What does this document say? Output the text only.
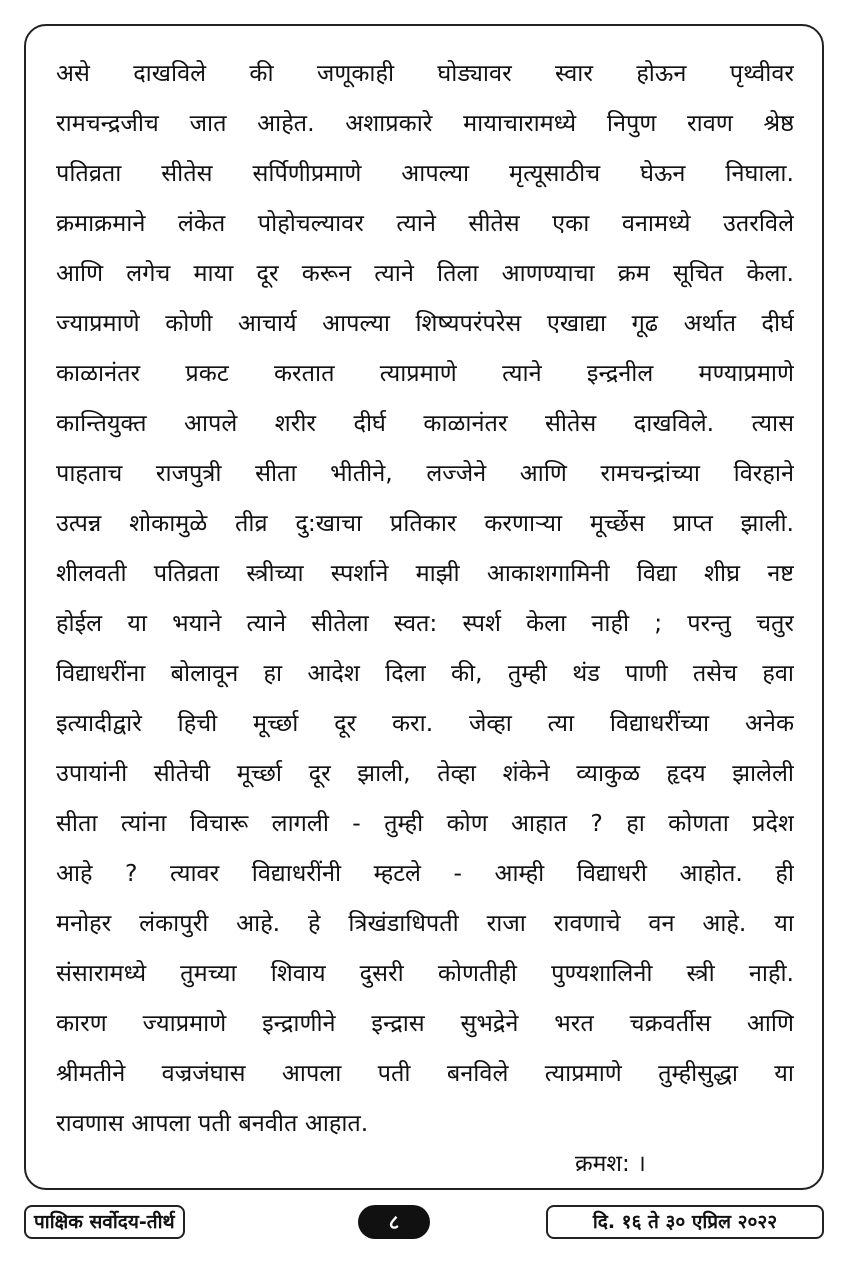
असे दाखविले की जणूकाही घोड्यावर स्वार होऊन पृथ्वीवर
रामचन्द्रजीच जात आहेत. अशाप्रकारे मायाचारामध्ये निपुण रावण श्रेष्ठ
पतिव्रता सीतेस सर्पिणीप्रमाणे आपल्या मृत्यूसाठीच घेऊन निघाला.
क्रमाक्रमाने लंकेत पोहोचल्यावर त्याने सीतेस एका वनामध्ये उतरविले
आणि लगेच माया दूर करून त्याने तिला आणण्याचा क्रम सूचित केला.
ज्याप्रमाणे कोणी आचार्य आपल्या शिष्यपरंपरेस एखाद्या गूढ अर्थात दीर्घ
काळानंतर प्रकट करतात त्याप्रमाणे त्याने इन्द्रनील मण्याप्रमाणे
कान्तियुक्त आपले शरीर दीर्घ काळानंतर सीतेस दाखविले. त्यास
पाहताच राजपुत्री सीता भीतीने, लज्जेने आणि रामचन्द्रांच्या विरहाने
उत्पन्न शोकामुळे तीव्र दु:खाचा प्रतिकार करणाऱ्या मूर्च्छेस प्राप्त झाली.
शीलवती पतिव्रता स्त्रीच्या स्पर्शाने माझी आकाशगामिनी विद्या शीघ्र नष्ट
होईल या भयाने त्याने सीतेला स्वत: स्पर्श केला नाही ; परन्तु चतुर
विद्याधरींना बोलावून हा आदेश दिला की, तुम्ही थंड पाणी तसेच हवा
इत्यादीद्वारे हिची मूर्च्छा दूर करा. जेव्हा त्या विद्याधरींच्या अनेक
उपायांनी सीतेची मूर्च्छा दूर झाली, तेव्हा शंकेने व्याकुळ हृदय झालेली
सीता त्यांना विचारू लागली - तुम्ही कोण आहात ? हा कोणता प्रदेश
आहे ? त्यावर विद्याधरींनी म्हटले - आम्ही विद्याधरी आहोत. ही
मनोहर लंकापुरी आहे. हे त्रिखंडाधिपती राजा रावणाचे वन आहे. या
संसारामध्ये तुमच्या शिवाय दुसरी कोणतीही पुण्यशालिनी स्त्री नाही.
कारण ज्याप्रमाणे इन्द्राणीने इन्द्रास सुभद्रेने भरत चक्रवर्तीस आणि
श्रीमतीने वज्रजंघास आपला पती बनविले त्याप्रमाणे तुम्हीसुद्धा या
रावणास आपला पती बनवीत आहात.
क्रमश: ।
पाक्षिक सर्वोदय-तीर्थ	८	दि. १६ ते ३० एप्रिल २०२२
